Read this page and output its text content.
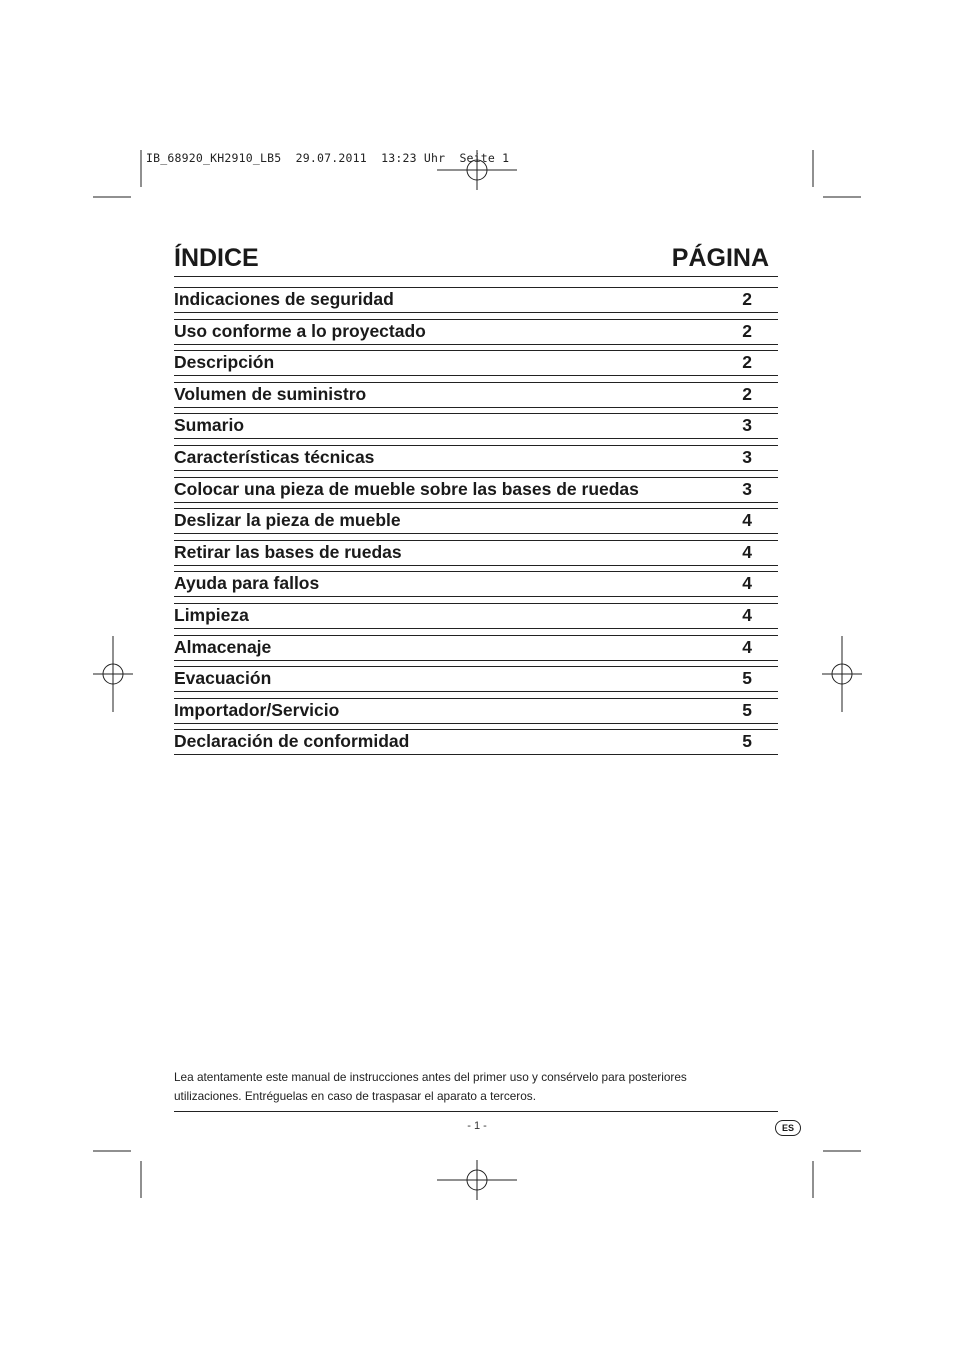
IB_68920_KH2910_LB5  29.07.2011  13:23 Uhr  Seite 1
ÍNDICE	PÁGINA
Indicaciones de seguridad	2
Uso conforme a lo proyectado	2
Descripción	2
Volumen de suministro	2
Sumario	3
Características técnicas	3
Colocar una pieza de mueble sobre las bases de ruedas	3
Deslizar la pieza de mueble	4
Retirar las bases de ruedas	4
Ayuda para fallos	4
Limpieza	4
Almacenaje	4
Evacuación	5
Importador/Servicio	5
Declaración de conformidad	5
Lea atentamente este manual de instrucciones antes del primer uso y consérvelo para posteriores
utilizaciones. Entréguelas en caso de traspasar el aparato a terceros.
- 1 -	ES
